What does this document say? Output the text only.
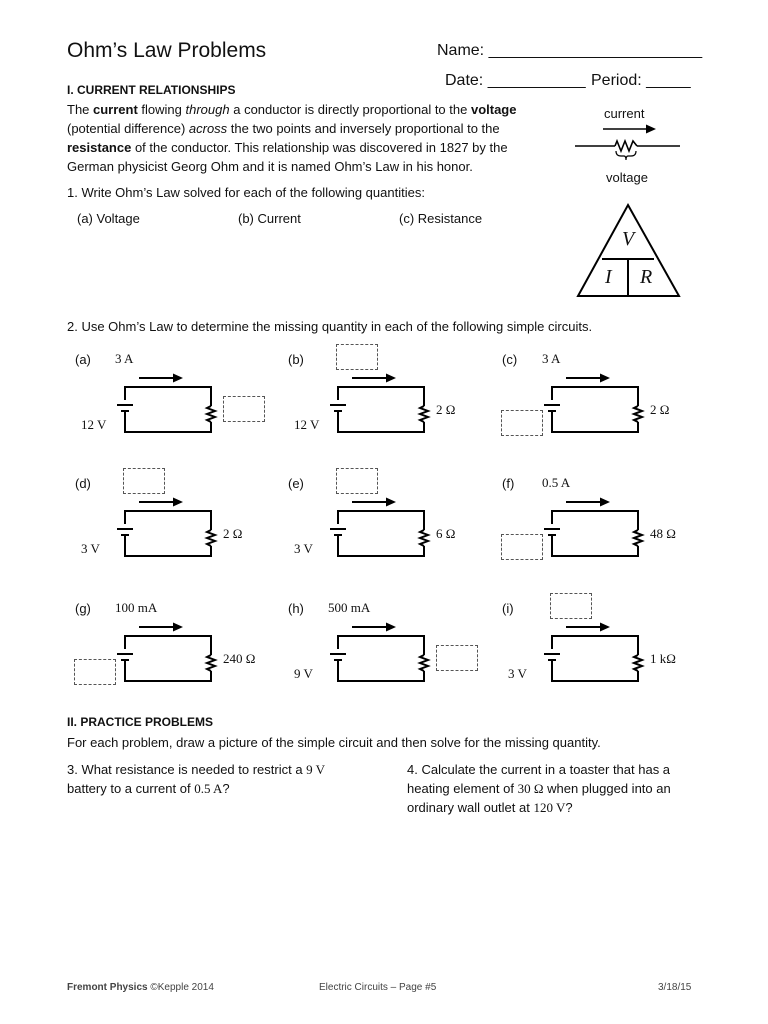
Ohm’s Law Problems	Name: ________________________
Date: ___________ Period: _____
I. CURRENT RELATIONSHIPS

The current flowing through a conductor is directly proportional to the voltage

(potential difference) across the two points and inversely proportional to the

resistance of the conductor. This relationship was discovered in 1827 by the

German physicist Georg Ohm and it is named Ohm’s Law in his honor.

current
voltage
1. Write Ohm’s Law solved for each of the following quantities:
(a) Voltage	(b) Current	(c) Resistance
V
I R
2. Use Ohm’s Law to determine the missing quantity in each of the following simple circuits.
(a) 3 A
12 V
(b)
12 V
2 Ω
(c) 3 A
2 Ω
(d)
3 V
2 Ω
(e)
3 V
6 Ω
(f) 0.5 A
48 Ω
(g) 100 mA
240 Ω
(h) 500 mA
9 V
(i)
3 V
1 kΩ
II. PRACTICE PROBLEMS
For each problem, draw a picture of the simple circuit and then solve for the missing quantity.
3. What resistance is needed to restrict a 9 V
battery to a current of 0.5 A?
4. Calculate the current in a toaster that has a
heating element of 30 Ω when plugged into an
ordinary wall outlet at 120 V?
Fremont Physics ©Kepple 2014	Electric Circuits – Page #5	3/18/15
